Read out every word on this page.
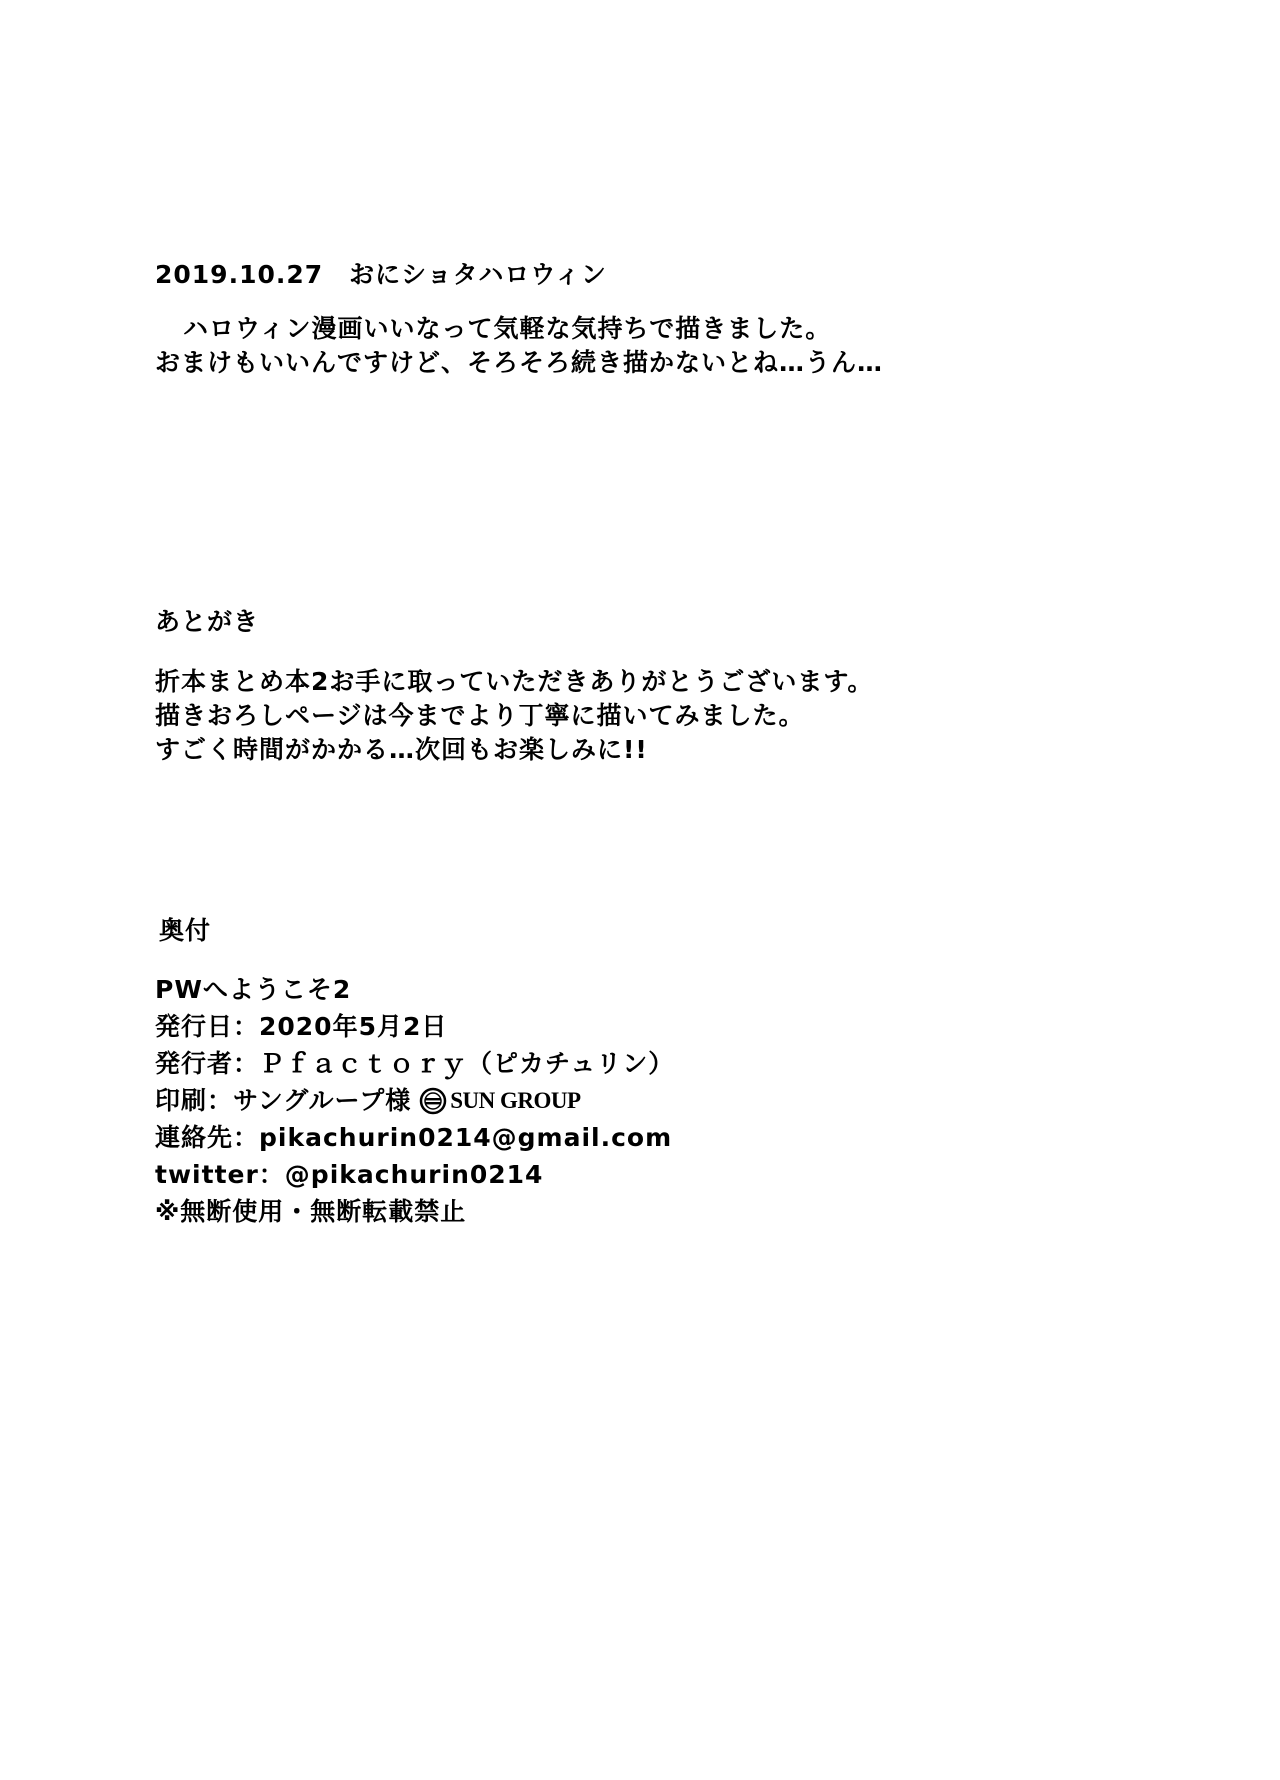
2019.10.27　おにショタハロウィン
ハロウィン漫画いいなって気軽な気持ちで描きました。
おまけもいいんですけど、そろそろ続き描かないとね…うん…
あとがき
折本まとめ本2お手に取っていただきありがとうございます。
描きおろしページは今までより丁寧に描いてみました。
すごく時間がかかる…次回もお楽しみに!!
奥付
PWへようこそ2
発行日：2020年5月2日
発行者：Ｐｆａｃｔｏｒｙ（ピカチュリン）
印刷：サングループ様 SUN GROUP
連絡先：pikachurin0214@gmail.com
twitter：@pikachurin0214
※無断使用・無断転載禁止
